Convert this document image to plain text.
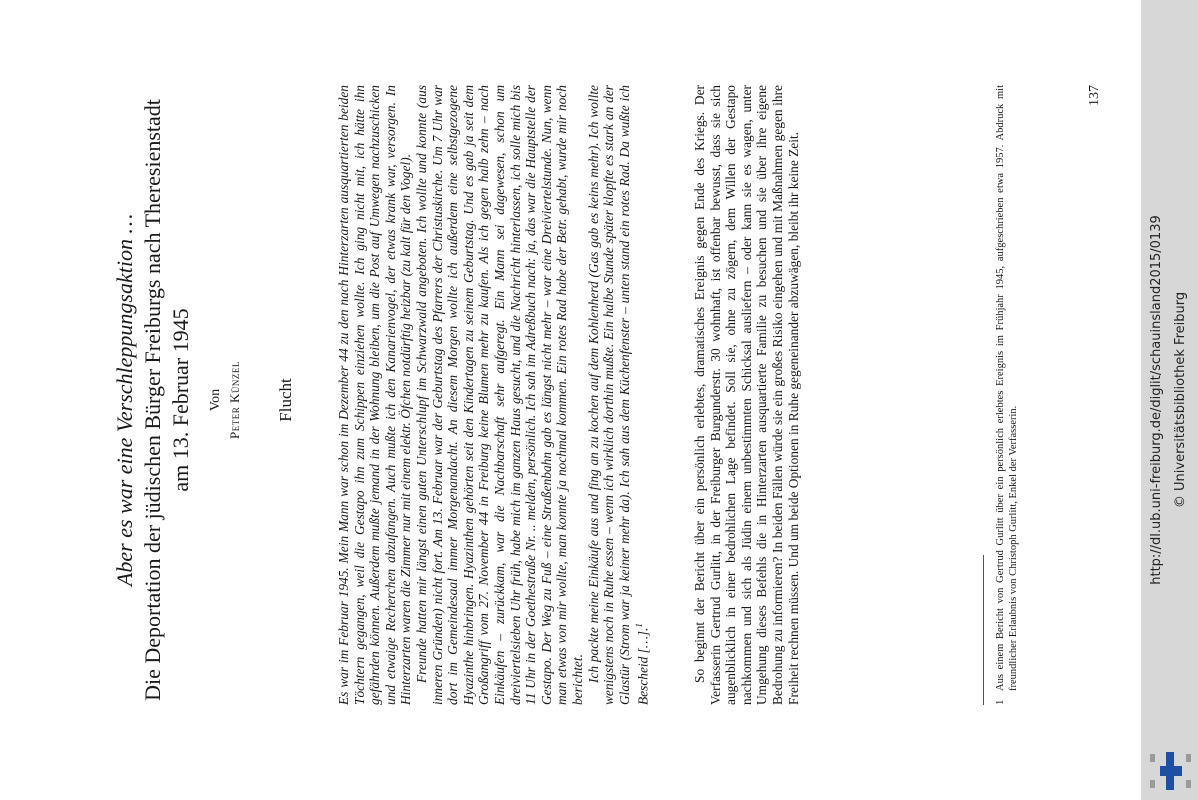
Aber es war eine Verschleppungsaktion … Die Deportation der jüdischen Bürger Freiburgs nach Theresienstadt am 13. Februar 1945 Von Peter Künzel Flucht	Es war im Februar 1945. Mein Mann war schon im Dezember 44 zu den nach Hinterzarten ausquartierten beiden Töchtern gegangen, weil die Gestapo ihn zum Schippen einziehen wollte. Ich ging nicht mit, ich hätte ihn gefährden können. Außerdem mußte jemand in der Wohnung bleiben, um die Post auf Umwegen nachzuschicken und etwaige Recherchen abzufangen. Auch mußte ich den Kanarienvogel, der etwas krank war, versorgen. In Hinterzarten waren die Zimmer nur mit einem elektr. Öfchen notdürftig heizbar (zu kalt für den Vogel). Freunde hatten mir längst einen guten Unterschlupf im Schwarzwald angeboten. Ich wollte und konnte (aus inneren Gründen) nicht fort. Am 13. Februar war der Geburtstag des Pfarrers der Christuskirche. Um 7 Uhr war dort im Gemeindesaal immer Morgenandacht. An diesem Morgen wollte ich außerdem eine selbstgezogene Hyazinthe hinbringen. Hyazinthen gehörten seit den Kindertagen zu seinem Geburtstag. Und es gab ja seit dem Großangriff vom 27. November 44 in Freiburg keine Blumen mehr zu kaufen. Als ich gegen halb zehn – nach Einkäufen – zurückkam, war die Nachbarschaft sehr aufgeregt. Ein Mann sei dagewesen, schon um dreiviertelsieben Uhr früh, habe mich im ganzen Haus gesucht, und die Nachricht hinterlassen, ich solle mich bis 11 Uhr in der Goethestraße Nr. .. melden, persönlich. Ich sah im Adreßbuch nach: ja, das war die Hauptstelle der Gestapo. Der Weg zu Fuß – eine Straßenbahn gab es längst nicht mehr – war eine Dreiviertelstunde. Nun, wenn man etwas von mir wollte, man konnte ja nochmal kommen. Ein rotes Rad habe der Betr. gehabt, wurde mir noch berichtet. Ich packte meine Einkäufe aus und fing an zu kochen auf dem Kohlenherd (Gas gab es keins mehr). Ich wollte wenigstens noch in Ruhe essen – wenn ich wirklich dorthin mußte. Ein halbe Stunde später klopfte es stark an der Glastür (Strom war ja keiner mehr da). Ich sah aus dem Küchenfenster – unten stand ein rotes Rad. Da wußte ich Bescheid […].$^1$	So beginnt der Bericht über ein persönlich erlebtes, dramatisches Ereignis gegen Ende des Kriegs. Der Verfasserin Gertrud Gurlitt, in der Freiburger Burgunderstr. 30 wohnhaft, ist offenbar bewusst, dass sie sich augenblicklich in einer bedrohlichen Lage befindet. Soll sie, ohne zu zögern, dem Willen der Gestapo nachkommen und sich als Jüdin einem unbestimmten Schicksal ausliefern – oder kann sie es wagen, unter Umgehung dieses Befehls die in Hinterzarten ausquartierte Familie zu besuchen und sie über ihre eigene Bedrohung zu informieren? In beiden Fällen würde sie ein großes Risiko eingehen und mit Maßnahmen gegen ihre Freiheit rechnen müssen. Und um beide Optionen in Ruhe gegeneinander abzuwägen, bleibt ihr keine Zeit.	1
Aus einem Bericht von Gertrud Gurlitt über ein persönlich erlebtes Ereignis im Frühjahr 1945, aufgeschrieben etwa 1957. Abdruck mit freundlicher Erlaubnis von Christoph Gurlitt, Enkel der Verfasserin.
137
http://dl.ub.uni-freiburg.de/diglit/schauinsland2015/0139 © Universitätsbibliothek Freiburg
